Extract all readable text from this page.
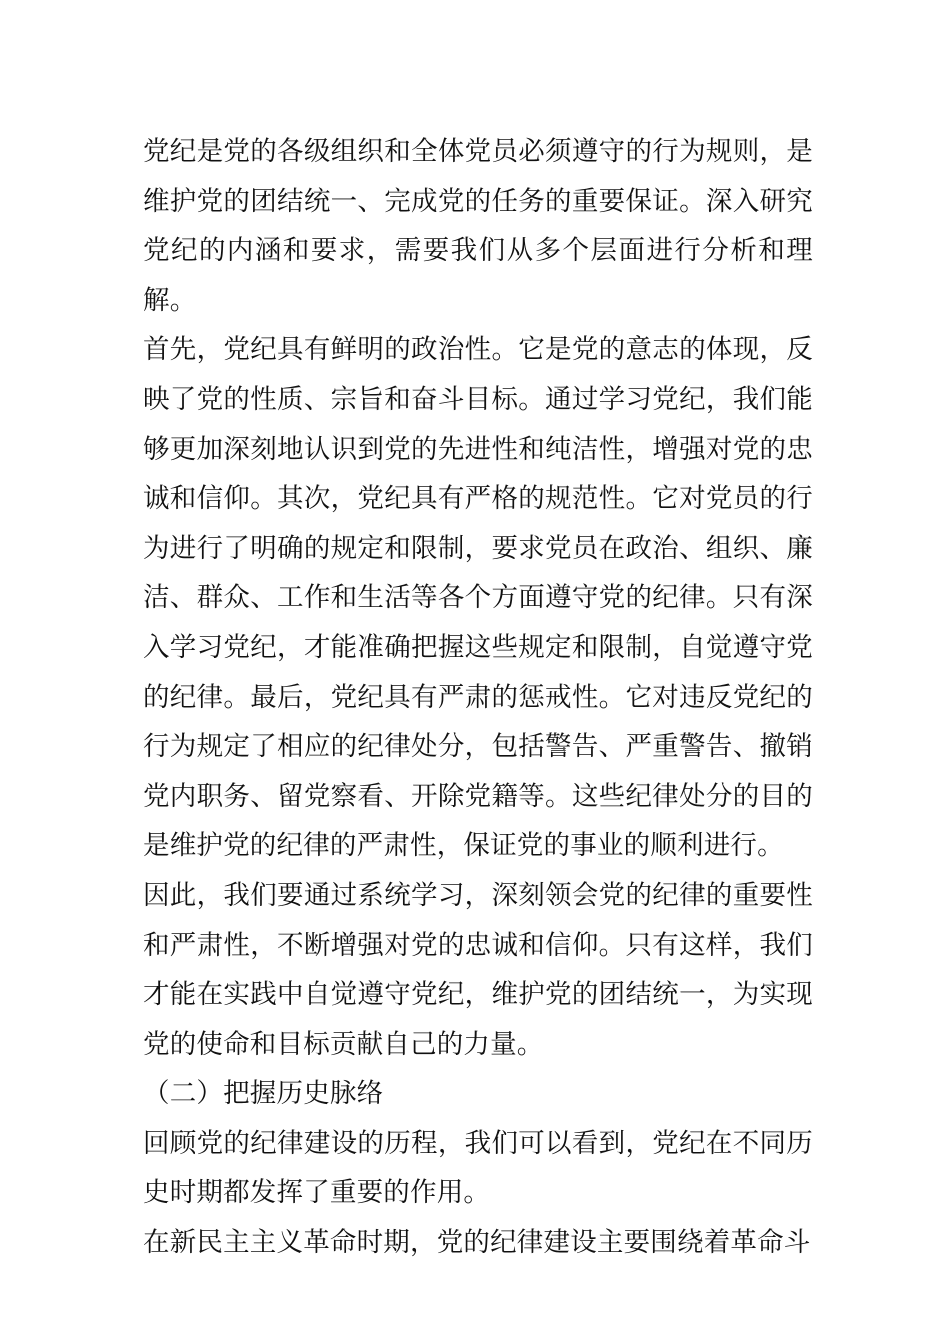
党纪是党的各级组织和全体党员必须遵守的行为规则，是维护党的团结统一、完成党的任务的重要保证。深入研究党纪的内涵和要求，需要我们从多个层面进行分析和理解。

首先，党纪具有鲜明的政治性。它是党的意志的体现，反映了党的性质、宗旨和奋斗目标。通过学习党纪，我们能够更加深刻地认识到党的先进性和纯洁性，增强对党的忠诚和信仰。其次，党纪具有严格的规范性。它对党员的行为进行了明确的规定和限制，要求党员在政治、组织、廉洁、群众、工作和生活等各个方面遵守党的纪律。只有深入学习党纪，才能准确把握这些规定和限制，自觉遵守党的纪律。最后，党纪具有严肃的惩戒性。它对违反党纪的行为规定了相应的纪律处分，包括警告、严重警告、撤销党内职务、留党察看、开除党籍等。这些纪律处分的目的是维护党的纪律的严肃性，保证党的事业的顺利进行。

因此，我们要通过系统学习，深刻领会党的纪律的重要性和严肃性，不断增强对党的忠诚和信仰。只有这样，我们才能在实践中自觉遵守党纪，维护党的团结统一，为实现党的使命和目标贡献自己的力量。

（二）把握历史脉络

回顾党的纪律建设的历程，我们可以看到，党纪在不同历史时期都发挥了重要的作用。

在新民主主义革命时期，党的纪律建设主要围绕着革命斗
